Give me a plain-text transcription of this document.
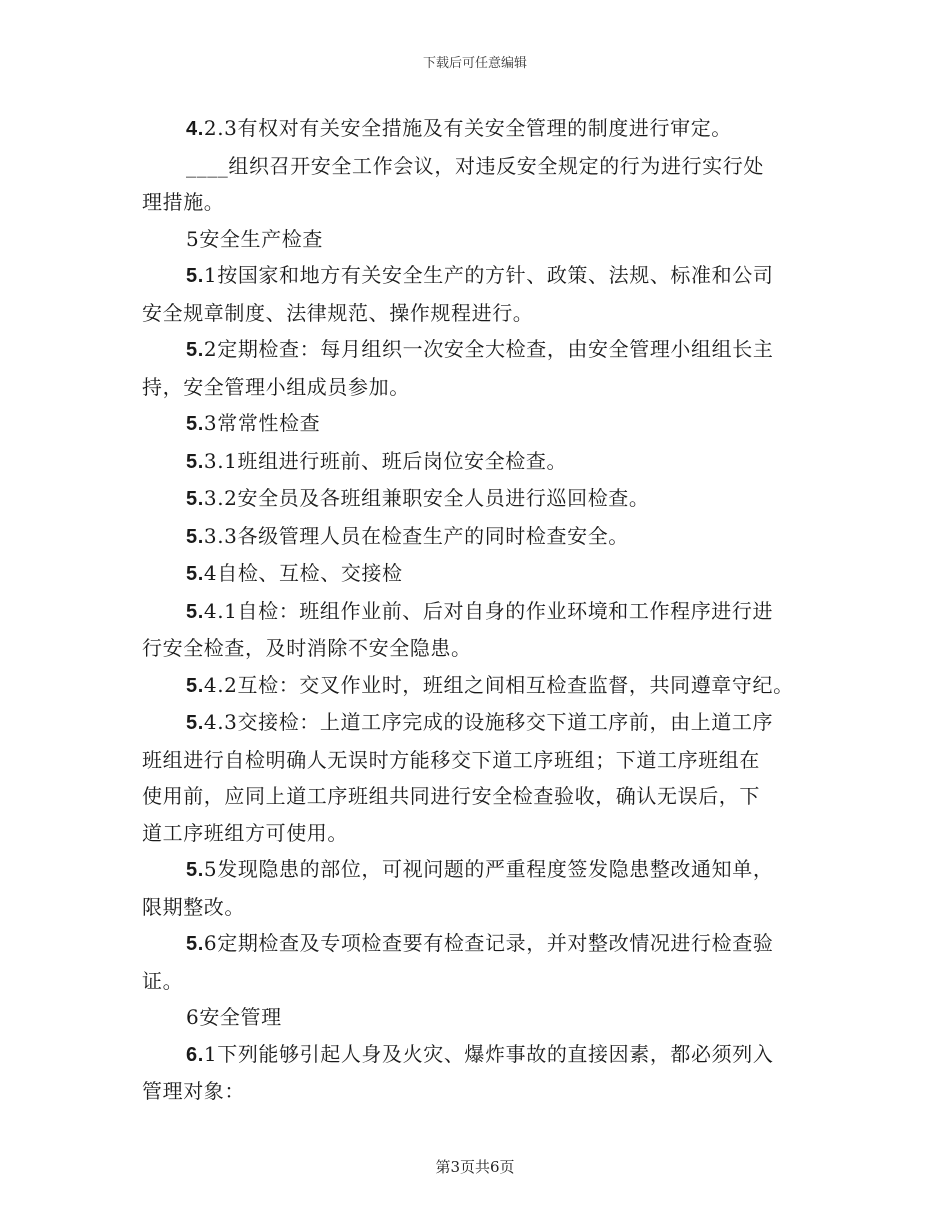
下载后可任意编辑

4.2.3有权对有关安全措施及有关安全管理的制度进行审定。

____组织召开安全工作会议，对违反安全规定的行为进行实行处

理措施。

5安全生产检查

5.1按国家和地方有关安全生产的方针、政策、法规、标准和公司

安全规章制度、法律规范、操作规程进行。

5.2定期检查：每月组织一次安全大检查，由安全管理小组组长主

持，安全管理小组成员参加。

5.3常常性检查

5.3.1班组进行班前、班后岗位安全检查。

5.3.2安全员及各班组兼职安全人员进行巡回检查。

5.3.3各级管理人员在检查生产的同时检查安全。

5.4自检、互检、交接检

5.4.1自检：班组作业前、后对自身的作业环境和工作程序进行进

行安全检查，及时消除不安全隐患。

5.4.2互检：交叉作业时，班组之间相互检查监督，共同遵章守纪。

5.4.3交接检：上道工序完成的设施移交下道工序前，由上道工序

班组进行自检明确人无误时方能移交下道工序班组；下道工序班组在

使用前，应同上道工序班组共同进行安全检查验收，确认无误后，下

道工序班组方可使用。

5.5发现隐患的部位，可视问题的严重程度签发隐患整改通知单，

限期整改。

5.6定期检查及专项检查要有检查记录，并对整改情况进行检查验

证。

6安全管理

6.1下列能够引起人身及火灾、爆炸事故的直接因素，都必须列入

管理对象：

第3页共6页
